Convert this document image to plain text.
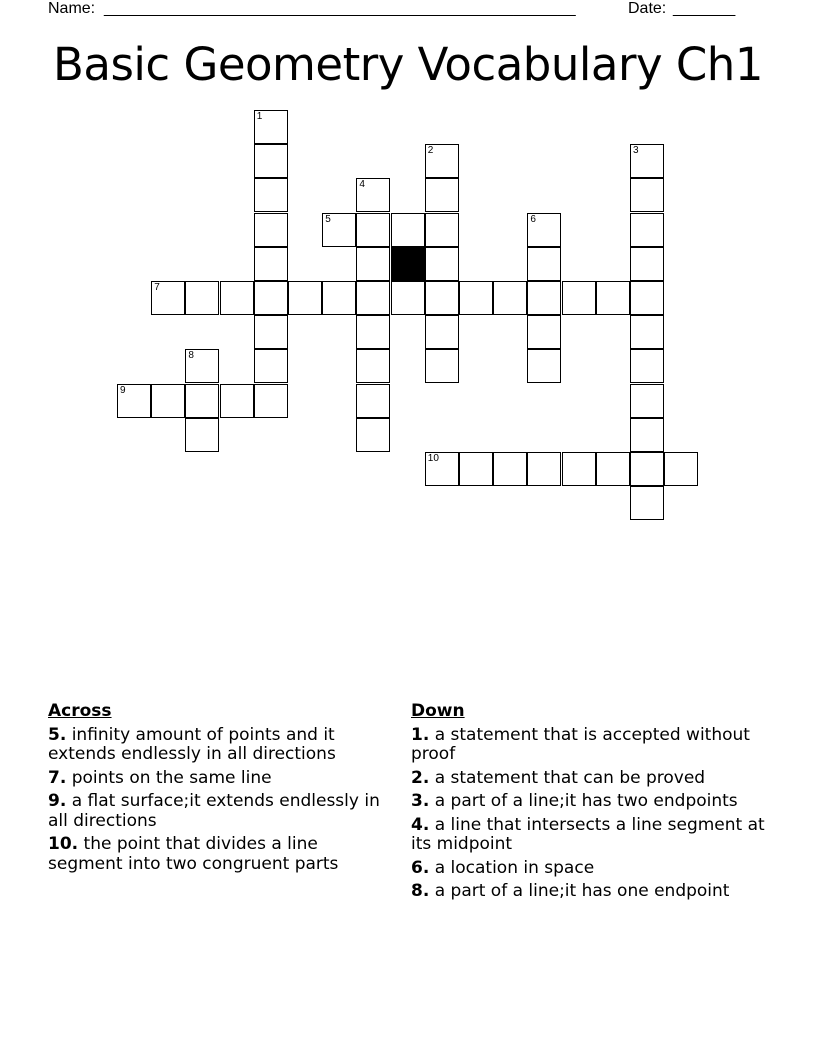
Name: _____________________________________________________	Date: _______
Basic Geometry Vocabulary Ch1
1
2	3
4
5	6
7
8
9
10
Across
5. infinity amount of points and it extends endlessly in all directions
7. points on the same line
9. a flat surface;it extends endlessly in all directions
10. the point that divides a line segment into two congruent parts
Down
1. a statement that is accepted without proof
2. a statement that can be proved
3. a part of a line;it has two endpoints
4. a line that intersects a line segment at its midpoint
6. a location in space
8. a part of a line;it has one endpoint
